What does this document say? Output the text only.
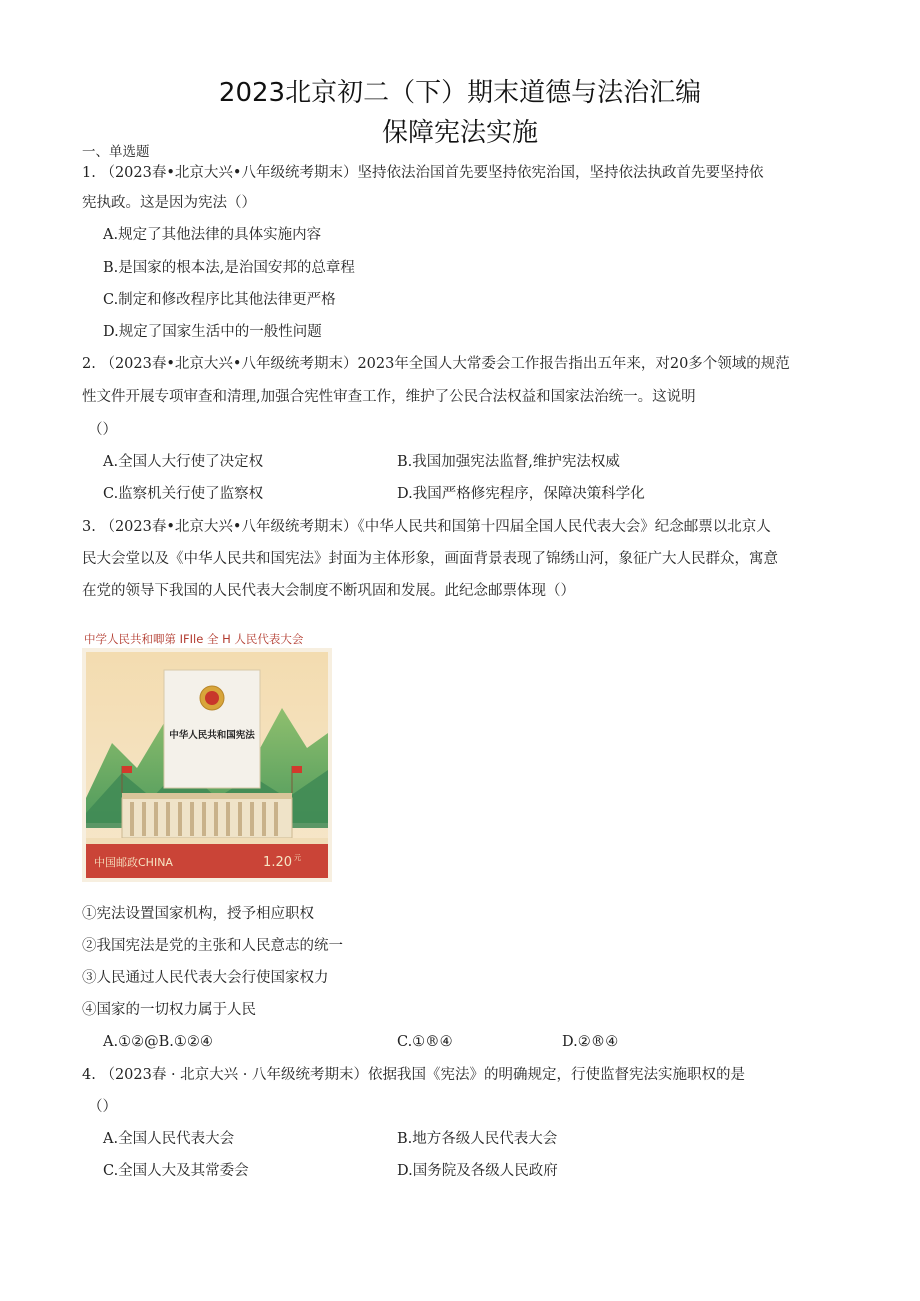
2023北京初二（下）期末道德与法治汇编
保障宪法实施
一、单选题
1. （2023春•北京大兴•八年级统考期末）坚持依法治国首先要坚持依宪治国，坚持依法执政首先要坚持依
宪执政。这是因为宪法（）
A.规定了其他法律的具体实施内容
B.是国家的根本法,是治国安邦的总章程
C.制定和修改程序比其他法律更严格
D.规定了国家生活中的一般性问题
2. （2023春•北京大兴•八年级统考期末）2023年全国人大常委会工作报告指出五年来，对20多个领域的规范
性文件开展专项审查和清理,加强合宪性审查工作，维护了公民合法权益和国家法治统一。这说明
（）
A.全国人大行使了决定权	B.我国加强宪法监督,维护宪法权威
C.监察机关行使了监察权	D.我国严格修宪程序，保障决策科学化
3. （2023春•北京大兴•八年级统考期末）《中华人民共和国第十四届全国人民代表大会》纪念邮票以北京人
民大会堂以及《中华人民共和国宪法》封面为主体形象，画面背景表现了锦绣山河，象征广大人民群众，寓意
在党的领导下我国的人民代表大会制度不断巩固和发展。此纪念邮票体现（）
中学人民共和唧第 IFIle 全 H 人民代表大会
中华人民共和国宪法
中国邮政CHINA	1.20 元
①宪法设置国家机构，授予相应职权
②我国宪法是党的主张和人民意志的统一
③人民通过人民代表大会行使国家权力
④国家的一切权力属于人民
A.①②@B.①②④	C.①®④	D.②®④
4. （2023春 · 北京大兴 · 八年级统考期末）依据我国《宪法》的明确规定，行使监督宪法实施职权的是
（）
A.全国人民代表大会	B.地方各级人民代表大会
C.全国人大及其常委会	D.国务院及各级人民政府
